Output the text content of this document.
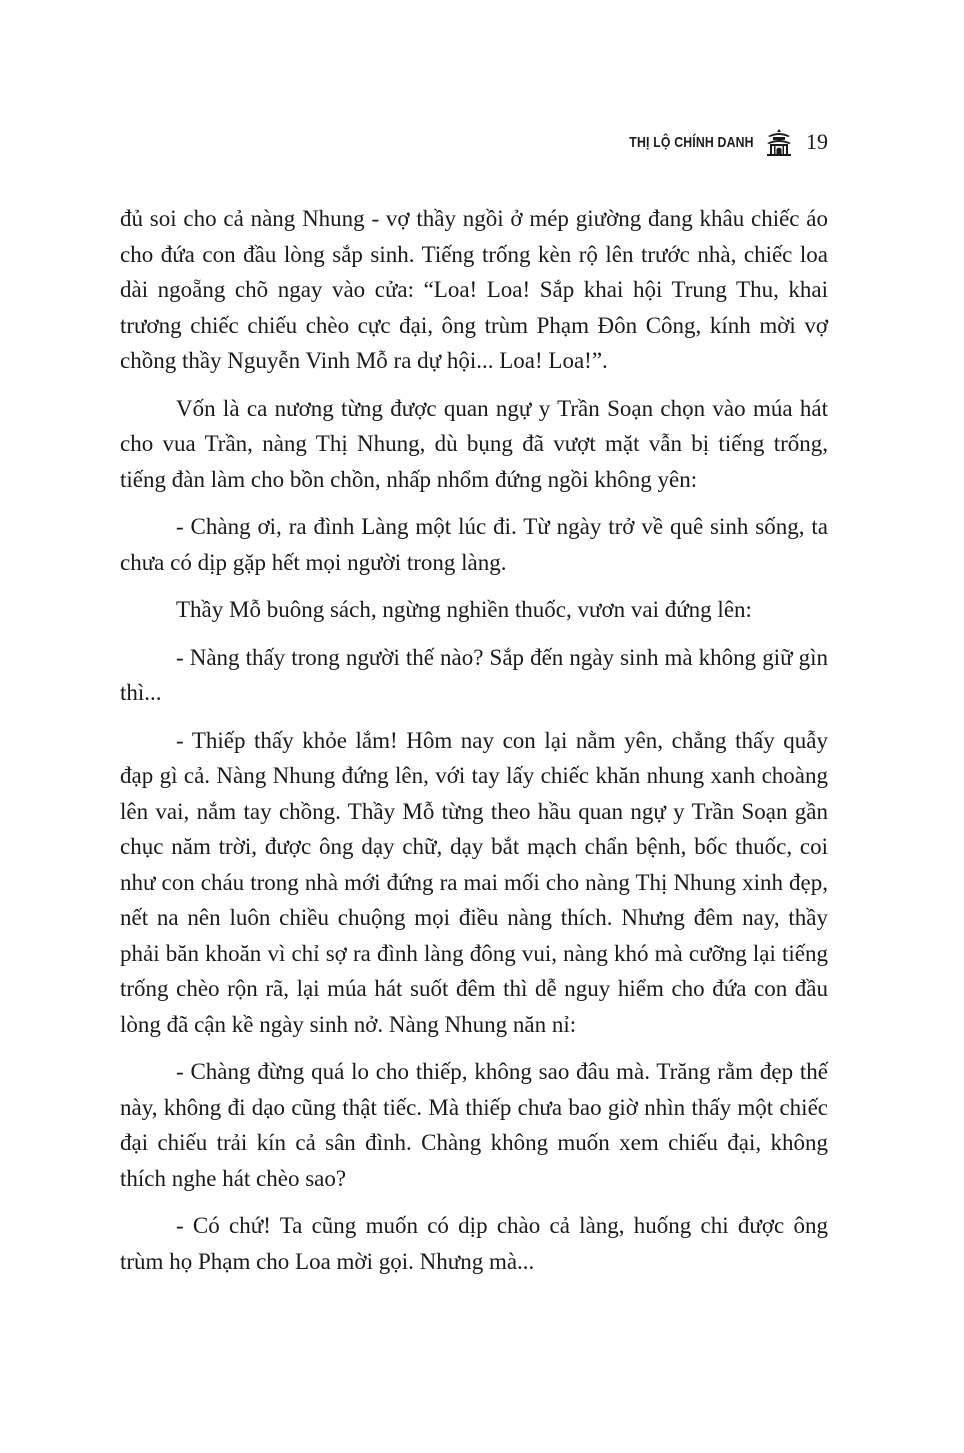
THỊ LỘ CHÍNH DANH 19

đủ soi cho cả nàng Nhung - vợ thầy ngồi ở mép giường đang khâu chiếc áo cho đứa con đầu lòng sắp sinh. Tiếng trống kèn rộ lên trước nhà, chiếc loa dài ngoẵng chõ ngay vào cửa: “Loa! Loa! Sắp khai hội Trung Thu, khai trương chiếc chiếu chèo cực đại, ông trùm Phạm Đôn Công, kính mời vợ chồng thầy Nguyễn Vinh Mỗ ra dự hội... Loa! Loa!”.

Vốn là ca nương từng được quan ngự y Trần Soạn chọn vào múa hát cho vua Trần, nàng Thị Nhung, dù bụng đã vượt mặt vẫn bị tiếng trống, tiếng đàn làm cho bồn chồn, nhấp nhổm đứng ngồi không yên:

- Chàng ơi, ra đình Làng một lúc đi. Từ ngày trở về quê sinh sống, ta chưa có dịp gặp hết mọi người trong làng.

Thầy Mỗ buông sách, ngừng nghiền thuốc, vươn vai đứng lên:

- Nàng thấy trong người thế nào? Sắp đến ngày sinh mà không giữ gìn thì...

- Thiếp thấy khỏe lắm! Hôm nay con lại nằm yên, chẳng thấy quẫy đạp gì cả. Nàng Nhung đứng lên, với tay lấy chiếc khăn nhung xanh choàng lên vai, nắm tay chồng. Thầy Mỗ từng theo hầu quan ngự y Trần Soạn gần chục năm trời, được ông dạy chữ, dạy bắt mạch chẩn bệnh, bốc thuốc, coi như con cháu trong nhà mới đứng ra mai mối cho nàng Thị Nhung xinh đẹp, nết na nên luôn chiều chuộng mọi điều nàng thích. Nhưng đêm nay, thầy phải băn khoăn vì chỉ sợ ra đình làng đông vui, nàng khó mà cưỡng lại tiếng trống chèo rộn rã, lại múa hát suốt đêm thì dễ nguy hiểm cho đứa con đầu lòng đã cận kề ngày sinh nở. Nàng Nhung năn nỉ:

- Chàng đừng quá lo cho thiếp, không sao đâu mà. Trăng rằm đẹp thế này, không đi dạo cũng thật tiếc. Mà thiếp chưa bao giờ nhìn thấy một chiếc đại chiếu trải kín cả sân đình. Chàng không muốn xem chiếu đại, không thích nghe hát chèo sao?

- Có chứ! Ta cũng muốn có dịp chào cả làng, huống chi được ông trùm họ Phạm cho Loa mời gọi. Nhưng mà...
